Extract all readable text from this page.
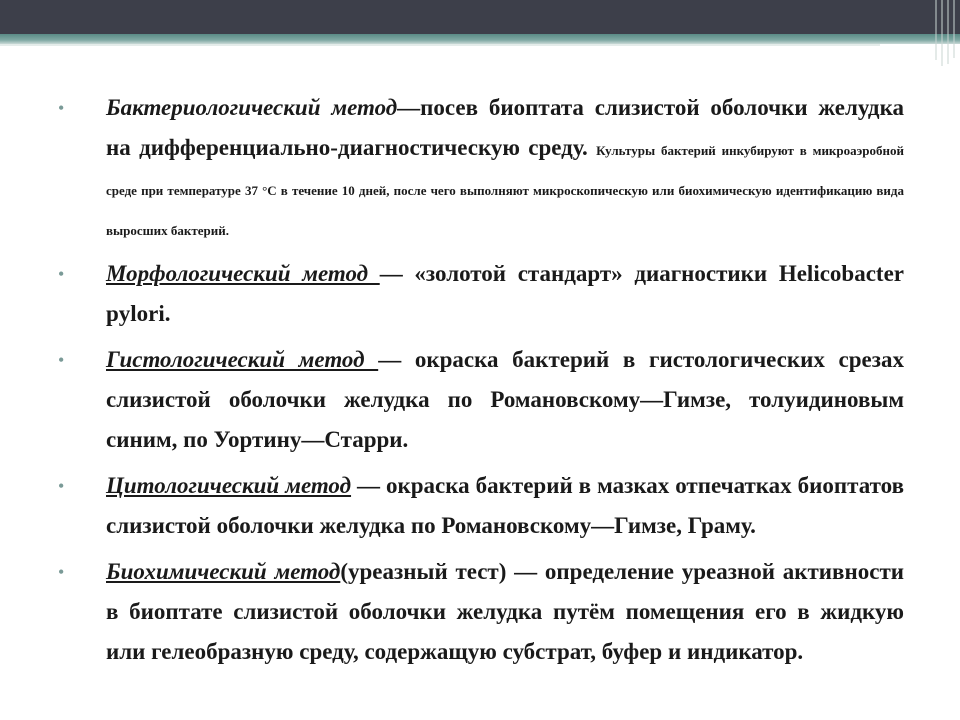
•	Бактериологический метод—посев биоптата слизистой оболочки желудка на дифференциально-диагностическую среду. Культуры бактерий инкубируют в микроаэробной среде при температуре 37 °С в течение 10 дней, после чего выполняют микроскопическую или биохимическую идентификацию вида выросших бактерий.
•	Морфологический метод — «золотой стандарт» диагностики Helicobacter pylori.
•	Гистологический метод — окраска бактерий в гистологических срезах слизистой оболочки желудка по Романовскому—Гимзе, толуидиновым синим, по Уортину—Старри.
•	Цитологический метод — окраска бактерий в мазках отпечатках биоптатов слизистой оболочки желудка по Романовскому—Гимзе, Граму.
•	Биохимический метод(уреазный тест) — определение уреазной активности в биоптате слизистой оболочки желудка путём помещения его в жидкую или гелеобразную среду, содержащую субстрат, буфер и индикатор.
